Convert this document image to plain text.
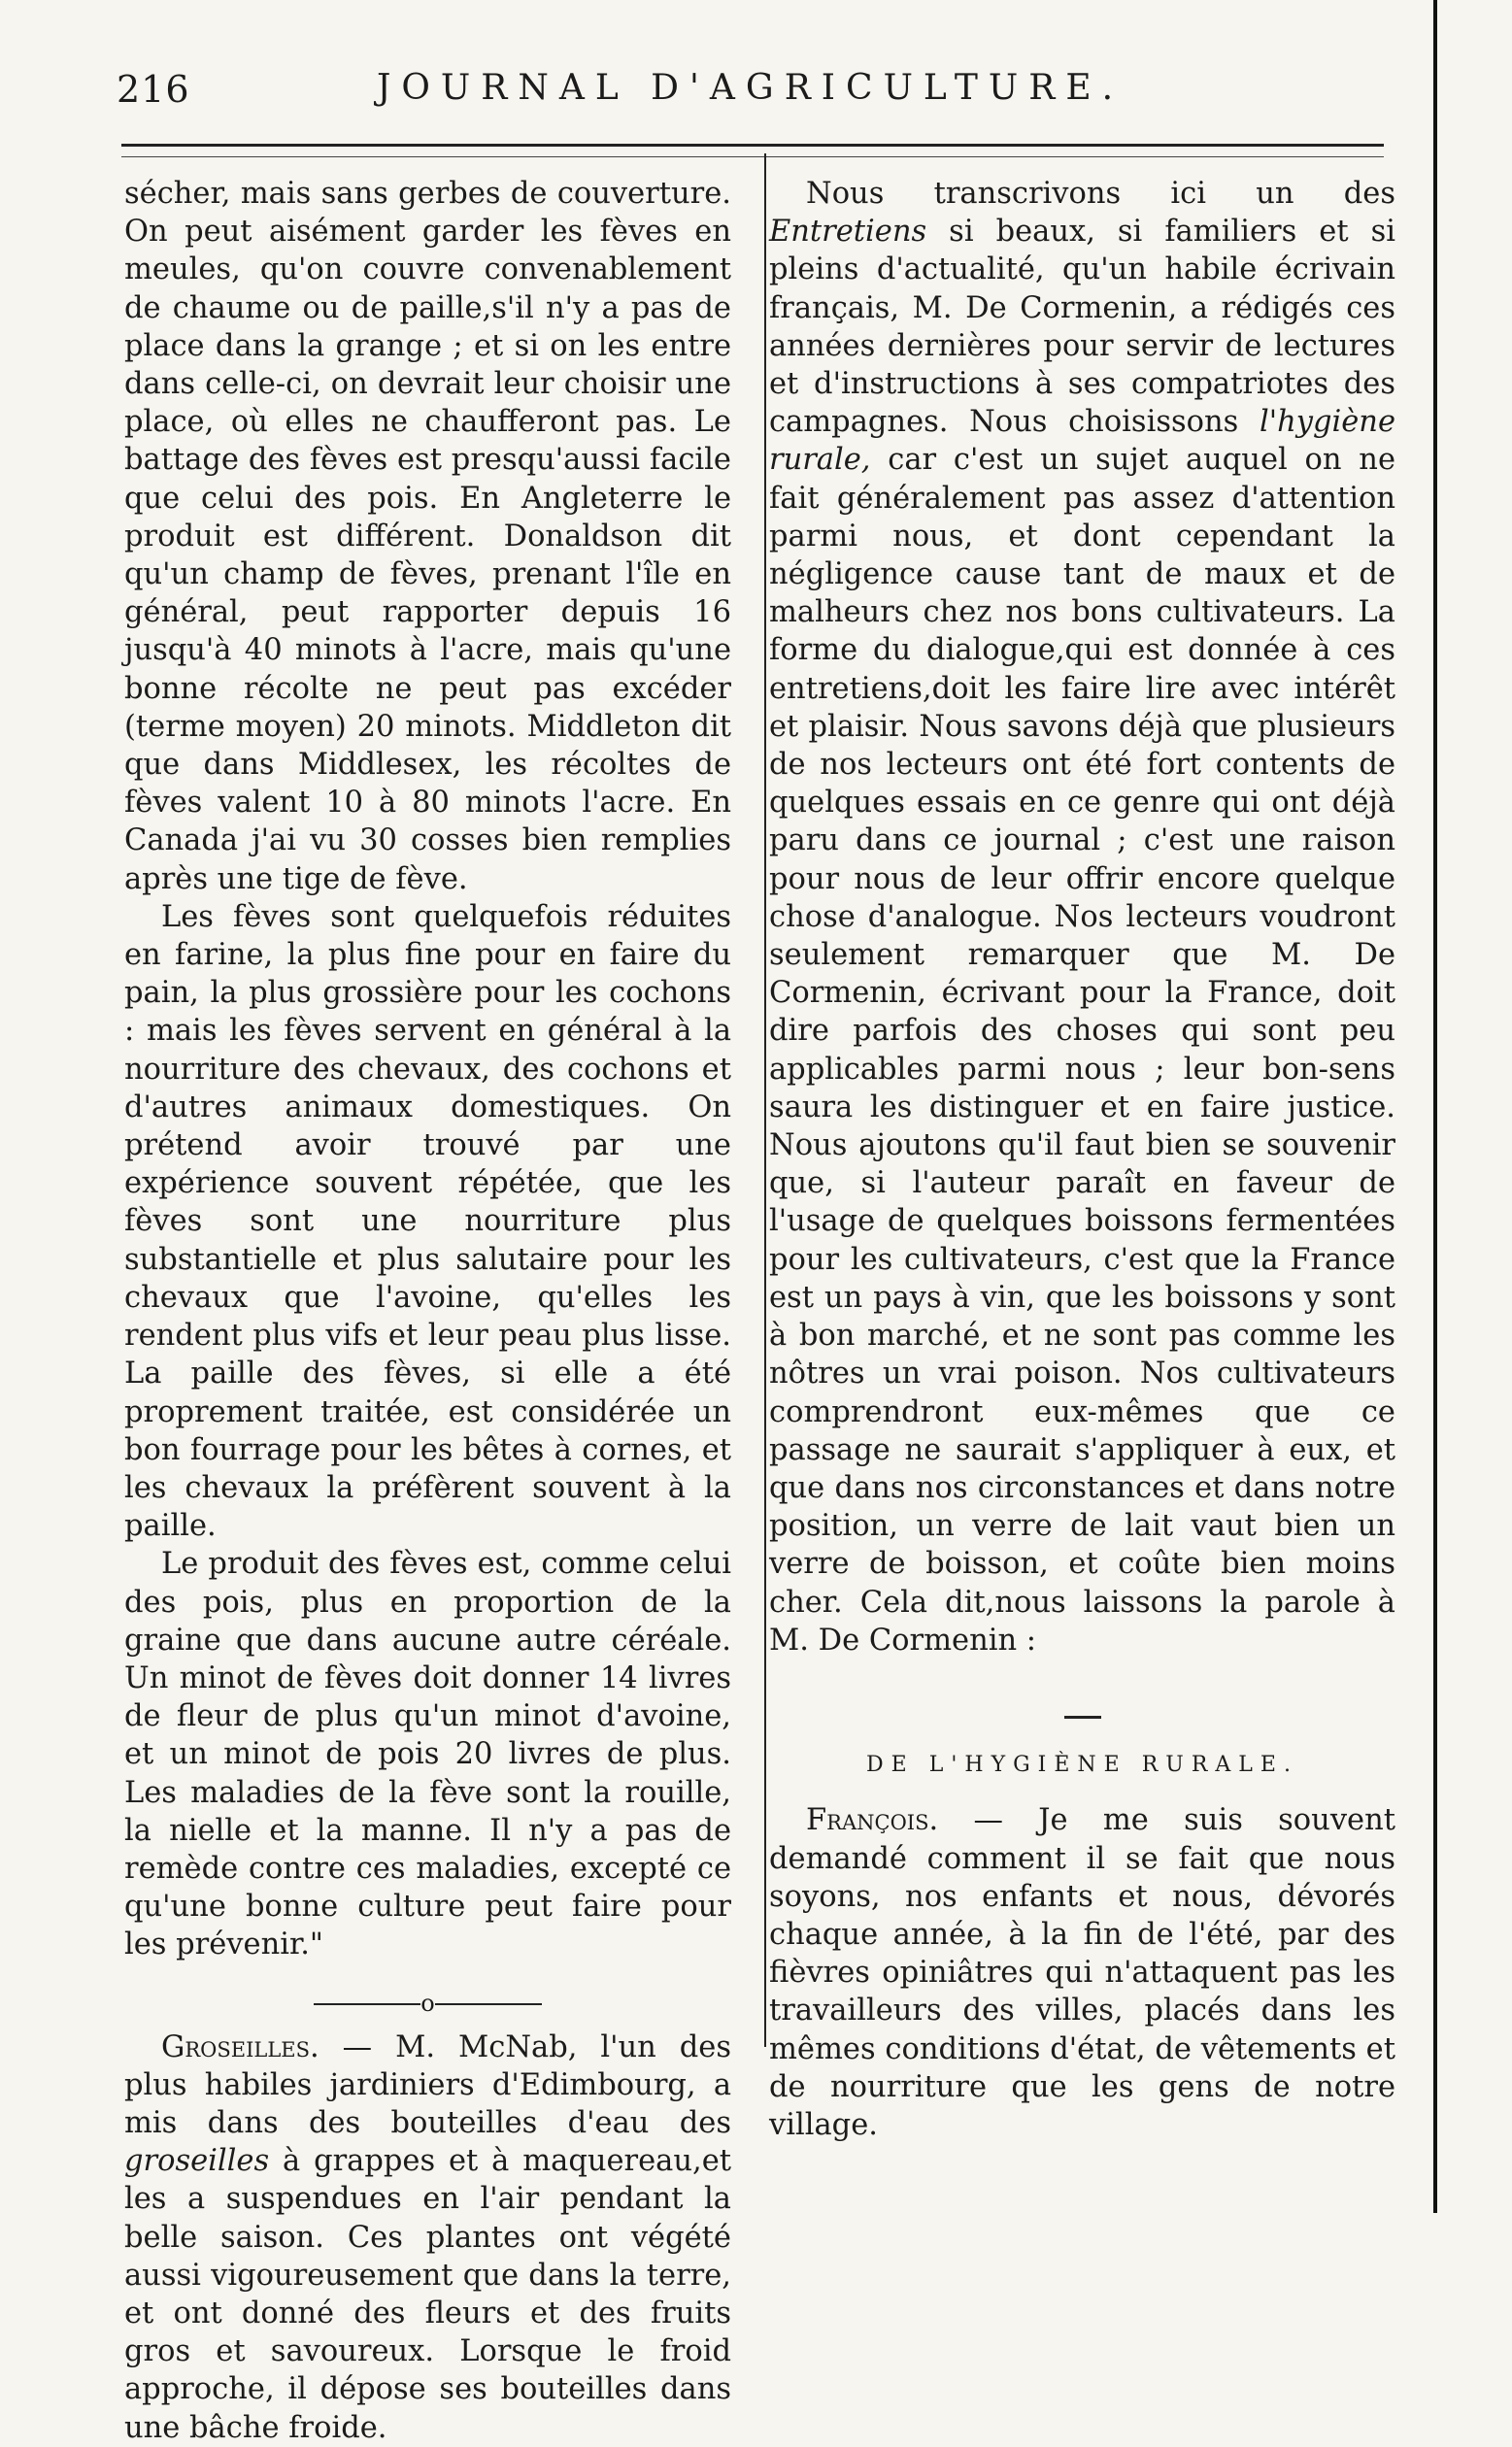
216	JOURNAL D'AGRICULTURE.

sécher, mais sans gerbes de couverture. On peut aisément garder les fèves en meules, qu'on couvre convenablement de chaume ou de paille,s'il n'y a pas de place dans la grange ; et si on les entre dans celle-ci, on devrait leur choisir une place, où elles ne chaufferont pas. Le battage des fèves est presqu'aussi facile que celui des pois. En Angleterre le produit est différent. Donaldson dit qu'un champ de fèves, prenant l'île en général, peut rapporter depuis 16 jusqu'à 40 minots à l'acre, mais qu'une bonne récolte ne peut pas excéder (terme moyen) 20 minots. Middleton dit que dans Middlesex, les récoltes de fèves valent 10 à 80 minots l'acre. En Canada j'ai vu 30 cosses bien remplies après une tige de fève.

Les fèves sont quelquefois réduites en farine, la plus fine pour en faire du pain, la plus grossière pour les cochons : mais les fèves servent en général à la nourriture des chevaux, des cochons et d'autres animaux domestiques. On prétend avoir trouvé par une expérience souvent répétée, que les fèves sont une nourriture plus substantielle et plus salutaire pour les chevaux que l'avoine, qu'elles les rendent plus vifs et leur peau plus lisse. La paille des fèves, si elle a été proprement traitée, est considérée un bon fourrage pour les bêtes à cornes, et les chevaux la préfèrent souvent à la paille.

Le produit des fèves est, comme celui des pois, plus en proportion de la graine que dans aucune autre céréale. Un minot de fèves doit donner 14 livres de fleur de plus qu'un minot d'avoine, et un minot de pois 20 livres de plus. Les maladies de la fève sont la rouille, la nielle et la manne. Il n'y a pas de remède contre ces maladies, excepté ce qu'une bonne culture peut faire pour les prévenir."

o

Groseilles. — M. McNab, l'un des plus habiles jardiniers d'Edimbourg, a mis dans des bouteilles d'eau des groseilles à grappes et à maquereau,et les a suspendues en l'air pendant la belle saison. Ces plantes ont végété aussi vigoureusement que dans la terre, et ont donné des fleurs et des fruits gros et savoureux. Lorsque le froid approche, il dépose ses bouteilles dans une bâche froide.

Nous transcrivons ici un des Entretiens si beaux, si familiers et si pleins d'actualité, qu'un habile écrivain français, M. De Cormenin, a rédigés ces années dernières pour servir de lectures et d'instructions à ses compatriotes des campagnes. Nous choisissons l'hygiène rurale, car c'est un sujet auquel on ne fait généralement pas assez d'attention parmi nous, et dont cependant la négligence cause tant de maux et de malheurs chez nos bons cultivateurs. La forme du dialogue,qui est donnée à ces entretiens,doit les faire lire avec intérêt et plaisir. Nous savons déjà que plusieurs de nos lecteurs ont été fort contents de quelques essais en ce genre qui ont déjà paru dans ce journal ; c'est une raison pour nous de leur offrir encore quelque chose d'analogue. Nos lecteurs voudront seulement remarquer que M. De Cormenin, écrivant pour la France, doit dire parfois des choses qui sont peu applicables parmi nous ; leur bon-sens saura les distinguer et en faire justice. Nous ajoutons qu'il faut bien se souvenir que, si l'auteur paraît en faveur de l'usage de quelques boissons fermentées pour les cultivateurs, c'est que la France est un pays à vin, que les boissons y sont à bon marché, et ne sont pas comme les nôtres un vrai poison. Nos cultivateurs comprendront eux-mêmes que ce passage ne saurait s'appliquer à eux, et que dans nos circonstances et dans notre position, un verre de lait vaut bien un verre de boisson, et coûte bien moins cher. Cela dit,nous laissons la parole à M. De Cormenin :

DE L'HYGIÈNE RURALE.

François. — Je me suis souvent demandé comment il se fait que nous soyons, nos enfants et nous, dévorés chaque année, à la fin de l'été, par des fièvres opiniâtres qui n'attaquent pas les travailleurs des villes, placés dans les mêmes conditions d'état, de vêtements et de nourriture que les gens de notre village.
